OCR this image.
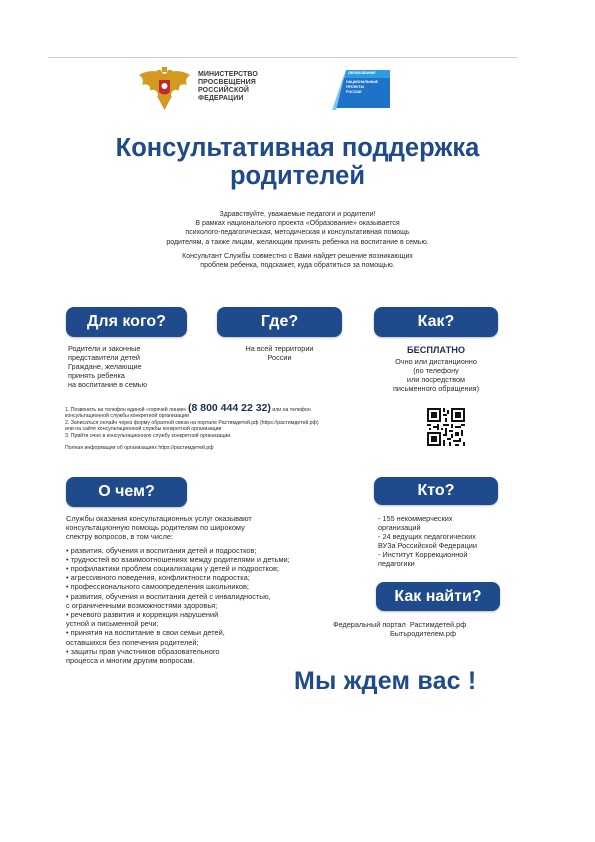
МИНИСТЕРСТВО
ПРОСВЕЩЕНИЯ
РОССИЙСКОЙ
ФЕДЕРАЦИИ
ОБРАЗОВАНИЕ
НАЦИОНАЛЬНЫЕ
ПРОЕКТЫ
РОССИИ
Консультативная поддержка
родителей

Здравствуйте, уважаемые педагоги и родители!
В рамках национального проекта «Образование» оказывается
психолого-педагогическая, методическая и консультативная помощь
родителям, а также лицам, желающим принять ребенка на воспитание в семью.

Консультант Службы совместно с Вами найдет решение возникающих
проблем ребенка, подскажет, куда обратиться за помощью.

Для кого?	Где?	Как?
Родители и законные
представители детей
Граждане, желающие
принять ребенка
на воспитание в семью
На всей территории
России
БЕСПЛАТНО
Очно или дистанционно
(по телефону
или посредством
письменного обращения)
1. Позвонить на телефон единой «горячей линии» (8 800 444 22 32) или на телефон
консультационной службы конкретной организации
2. Записаться онлайн через форму обратной связи на портале Растимдетей.рф (https://растимдетей.рф)
или на сайте консультационной службы конкретной организации
3. Прийти очно в консультационную службу конкретной организации.
Полная информация об организациях https://растимдетей.рф
О чем?	Кто?
Службы оказания консультационных услуг оказывают
консультационную помощь родителям по широкому
спектру вопросов, в том числе:
• развития, обучения и воспитания детей и подростков;
• трудностей во взаимоотношениях между родителями и детьми;
• профилактики проблем социализации у детей и подростков;
• агрессивного поведения, конфликтности подростка;
• профессионального самоопределения школьников;
• развития, обучения и воспитания детей с инвалидностью,
с ограниченными возможностями здоровья;
• речевого развития и коррекция нарушений
устной и письменной речи;
• принятия на воспитание в свои семьи детей,
оставшихся без попечения родителей;
• защиты прав участников образовательного
процесса и многим другим вопросам.
- 155 некоммерческих
организаций
- 24 ведущих педагогических
ВУЗа Российской Федерации
- Институт Коррекционной
педагогики
Как найти?
Федеральный портал Растимдетей.рф
Бытьродителем.рф
Мы ждем вас !
